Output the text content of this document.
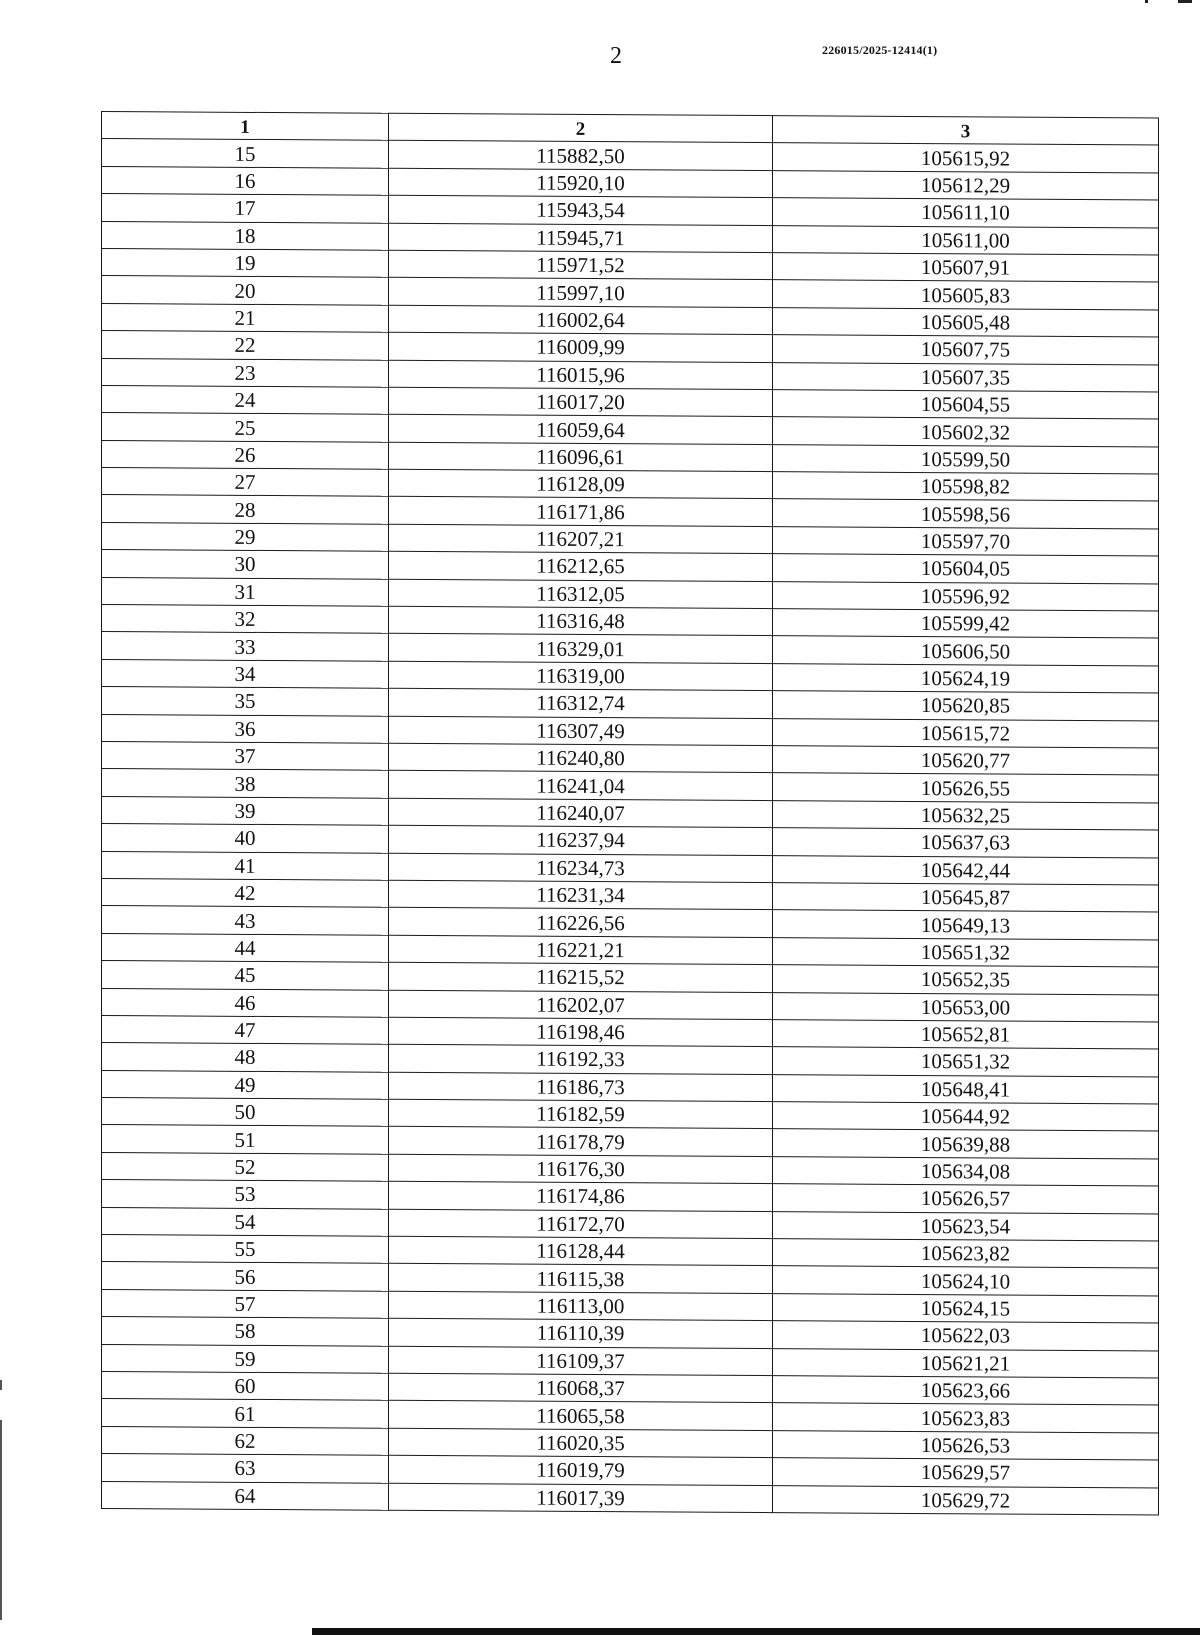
2	226015/2025-12414(1)
1	2	3
15	115882,50	105615,92
16	115920,10	105612,29
17	115943,54	105611,10
18	115945,71	105611,00
19	115971,52	105607,91
20	115997,10	105605,83
21	116002,64	105605,48
22	116009,99	105607,75
23	116015,96	105607,35
24	116017,20	105604,55
25	116059,64	105602,32
26	116096,61	105599,50
27	116128,09	105598,82
28	116171,86	105598,56
29	116207,21	105597,70
30	116212,65	105604,05
31	116312,05	105596,92
32	116316,48	105599,42
33	116329,01	105606,50
34	116319,00	105624,19
35	116312,74	105620,85
36	116307,49	105615,72
37	116240,80	105620,77
38	116241,04	105626,55
39	116240,07	105632,25
40	116237,94	105637,63
41	116234,73	105642,44
42	116231,34	105645,87
43	116226,56	105649,13
44	116221,21	105651,32
45	116215,52	105652,35
46	116202,07	105653,00
47	116198,46	105652,81
48	116192,33	105651,32
49	116186,73	105648,41
50	116182,59	105644,92
51	116178,79	105639,88
52	116176,30	105634,08
53	116174,86	105626,57
54	116172,70	105623,54
55	116128,44	105623,82
56	116115,38	105624,10
57	116113,00	105624,15
58	116110,39	105622,03
59	116109,37	105621,21
60	116068,37	105623,66
61	116065,58	105623,83
62	116020,35	105626,53
63	116019,79	105629,57
64	116017,39	105629,72
